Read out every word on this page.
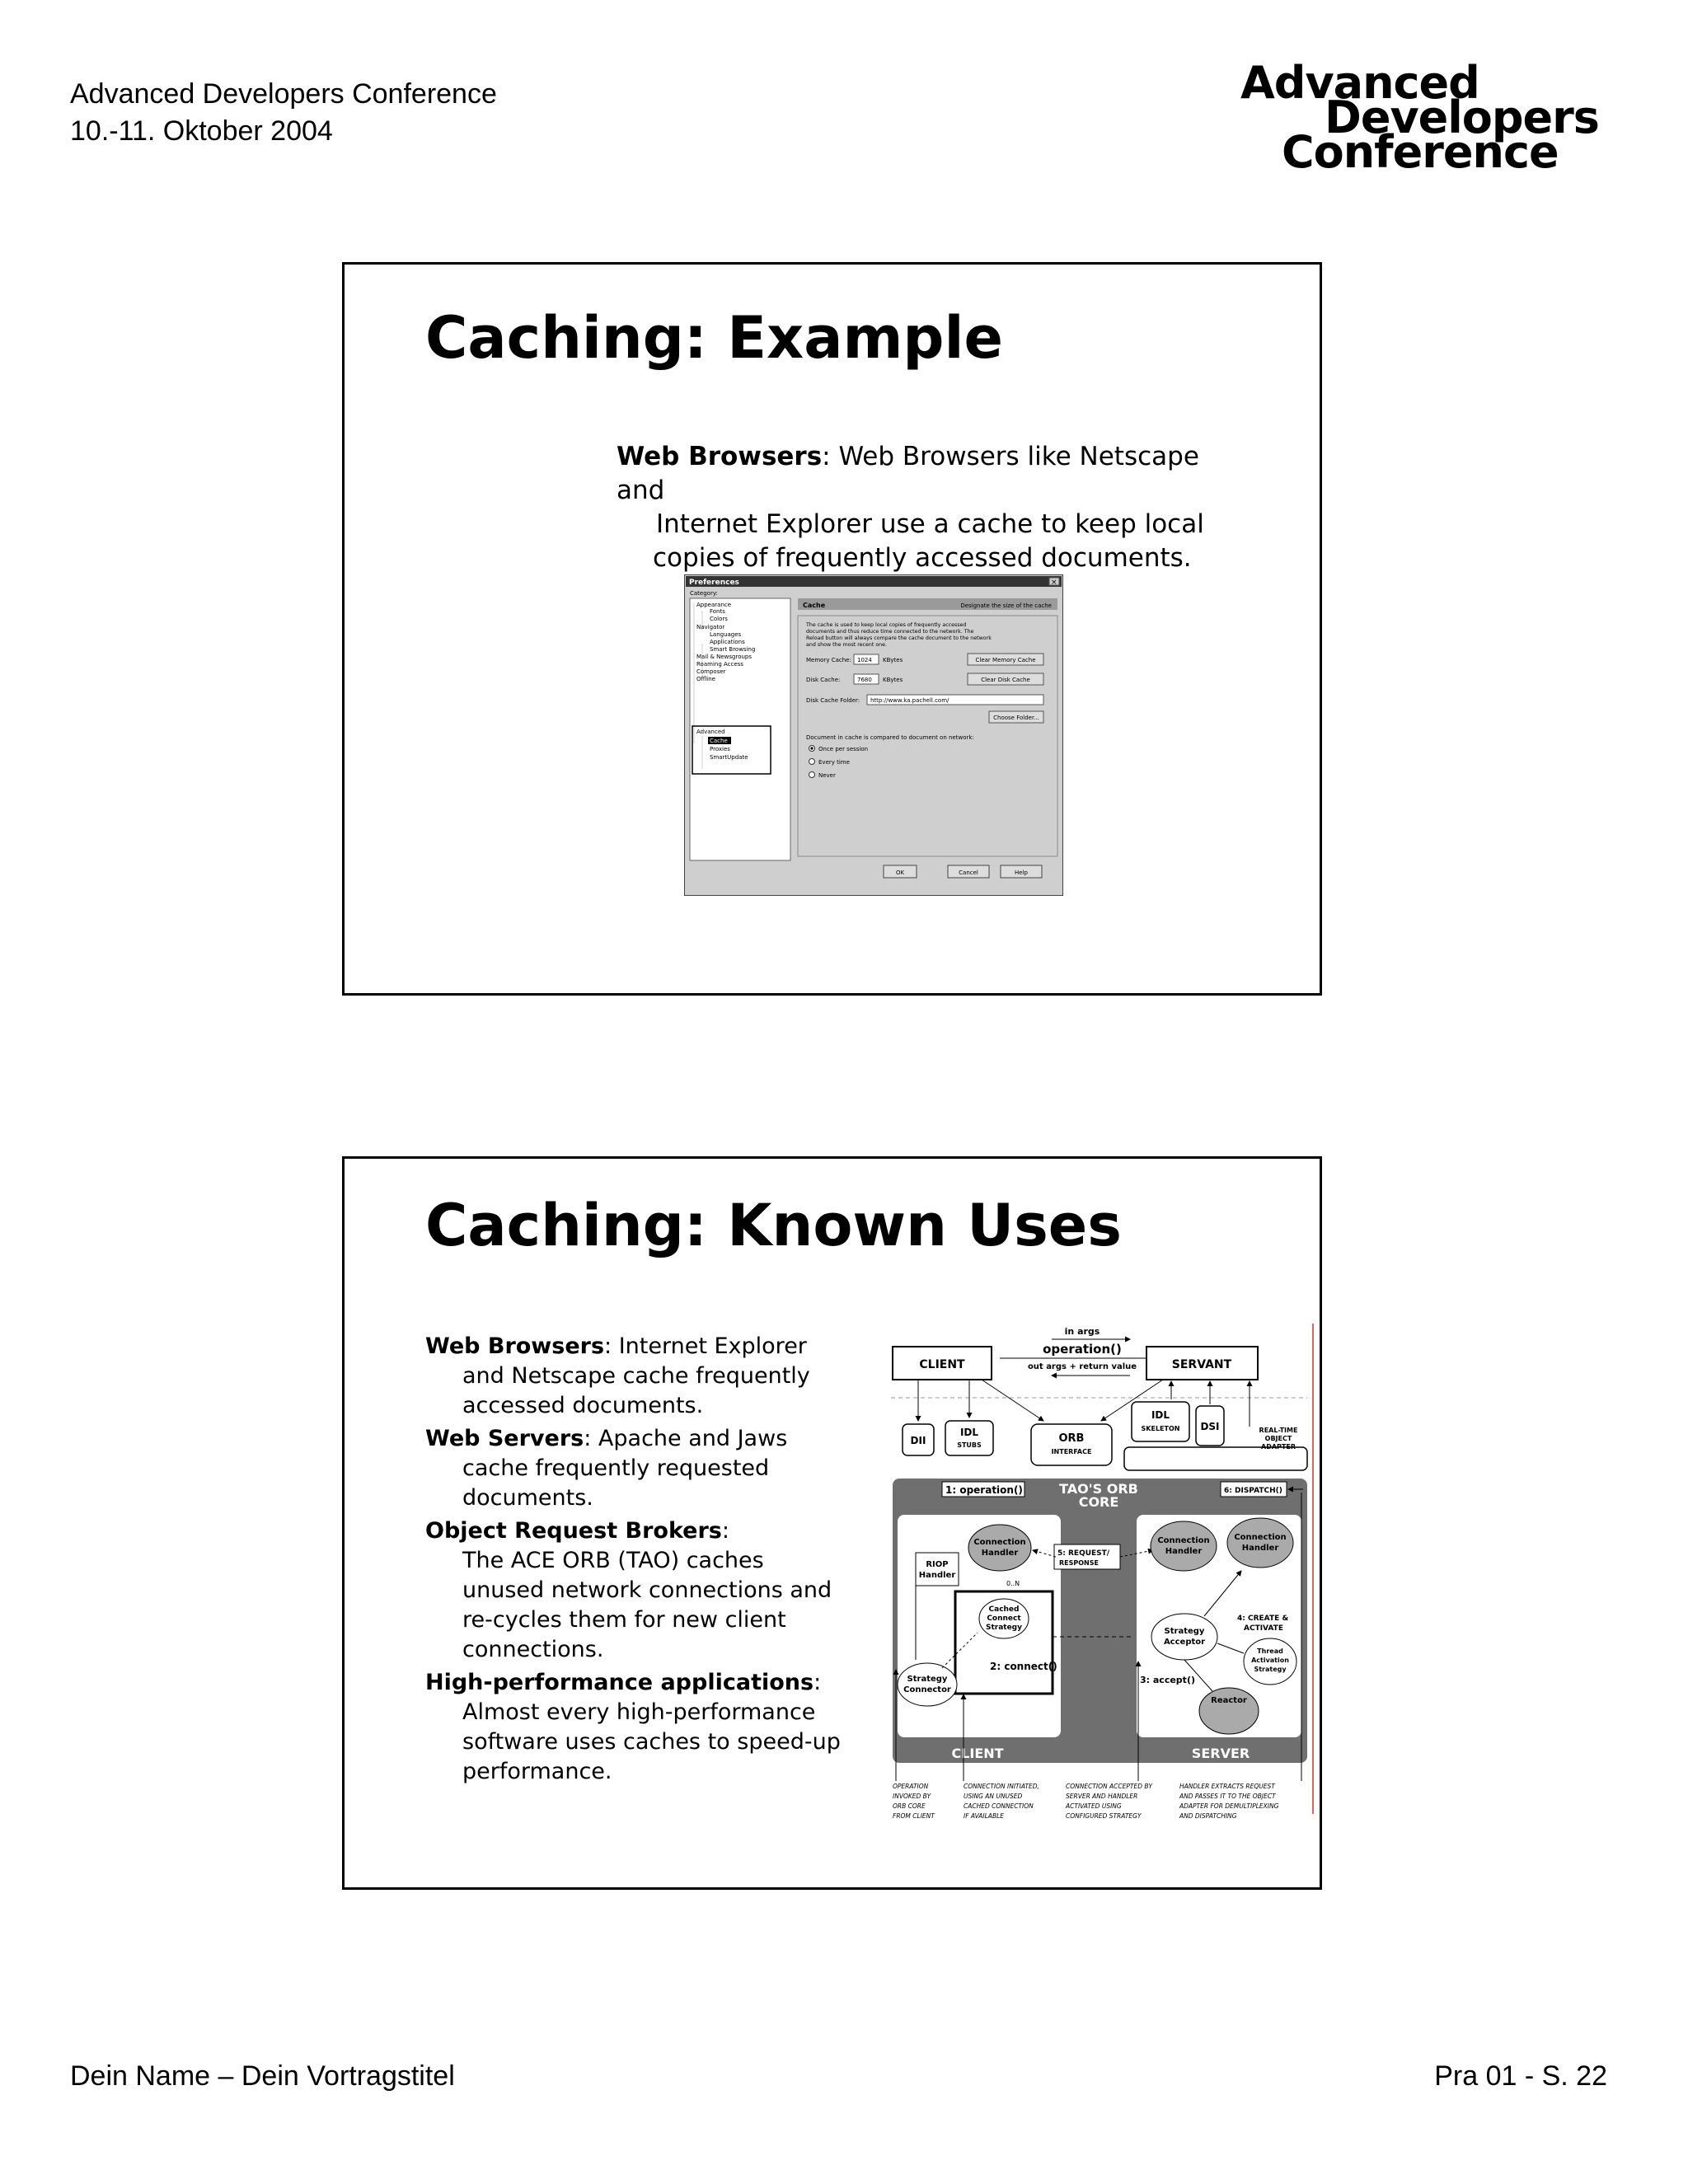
Advanced Developers Conference
10.-11. Oktober 2004
Advanced
Developers
Conference
Caching: Example
Web Browsers: Web Browsers like Netscape and
Internet Explorer use a cache to keep local
copies of frequently accessed documents.
Preferences	×
Category:
Appearance
Fonts
Colors
Navigator
Languages
Applications
Smart Browsing
Mail & Newsgroups
Roaming Access
Composer
Offline
Advanced
Cache
Proxies
SmartUpdate
Cache	Designate the size of the cache
The cache is used to keep local copies of frequently accessed
documents and thus reduce time connected to the network. The
Reload button will always compare the cache document to the network
and show the most recent one.
Memory Cache: 1024 KBytes	Clear Memory Cache
Disk Cache:	7680 KBytes	Clear Disk Cache
Disk Cache Folder: http://www.ka.pachell.com/
Choose Folder...
Document in cache is compared to document on network:
Once per session
Every time
Never
OK	Cancel	Help
Caching: Known Uses
Web Browsers: Internet Explorer
and Netscape cache frequently
accessed documents.
Web Servers: Apache and Jaws
cache frequently requested
documents.
Object Request Brokers:
The ACE ORB (TAO) caches
unused network connections and
re-cycles them for new client
connections.
High-performance applications:
Almost every high-performance
software uses caches to speed-up
performance.
in args
operation()
out args + return value
CLIENT	SERVANT
DII
IDL
STUBS
ORB
INTERFACE
IDL
SKELETON DSI	REAL-TIME
OBJECT
ADAPTER
TAO'S ORB
CORE
1: operation()	6: DISPATCH()
Connection
Handler
RIOP
Handler
0..N
5: REQUEST/
RESPONSE
Cached
Connect
Strategy
2: connect()
Strategy
Connector
Connection
Handler
Connection
Handler
Strategy
Acceptor
4: CREATE &
ACTIVATE
Thread
Activation
Strategy
3: accept()
Reactor
CLIENT	SERVER
OPERATION
INVOKED BY
ORB CORE
FROM CLIENT
CONNECTION INITIATED,
USING AN UNUSED
CACHED CONNECTION
IF AVAILABLE
CONNECTION ACCEPTED BY
SERVER AND HANDLER
ACTIVATED USING
CONFIGURED STRATEGY
HANDLER EXTRACTS REQUEST
AND PASSES IT TO THE OBJECT
ADAPTER FOR DEMULTIPLEXING
AND DISPATCHING
Dein Name – Dein Vortragstitel	Pra 01 - S. 22
